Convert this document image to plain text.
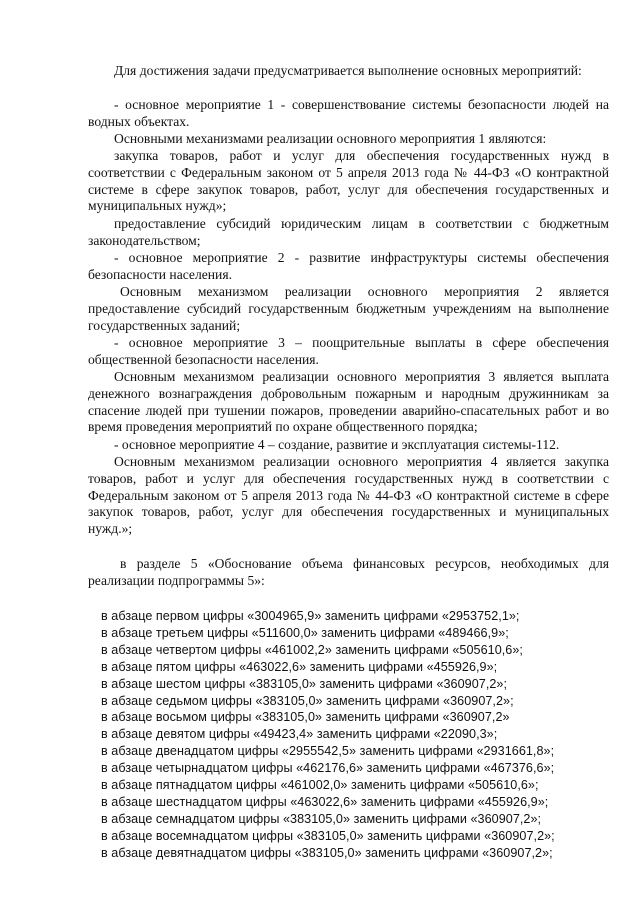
Для достижения задачи предусматривается выполнение основных мероприятий:

- основное мероприятие 1 - совершенствование системы безопасности людей на водных объектах.

Основными механизмами реализации основного мероприятия 1 являются:

закупка товаров, работ и услуг для обеспечения государственных нужд в соответствии с Федеральным законом от 5 апреля 2013 года № 44-ФЗ «О контрактной системе в сфере закупок товаров, работ, услуг для обеспечения государственных и муниципальных нужд»;

предоставление субсидий юридическим лицам в соответствии с бюджетным законодательством;

- основное мероприятие 2 - развитие инфраструктуры системы обеспечения безопасности населения.

Основным механизмом реализации основного мероприятия 2 является предоставление субсидий государственным бюджетным учреждениям на выполнение государственных заданий;

- основное мероприятие 3 – поощрительные выплаты в сфере обеспечения общественной безопасности населения.

Основным механизмом реализации основного мероприятия 3 является выплата денежного вознаграждения добровольным пожарным и народным дружинникам за спасение людей при тушении пожаров, проведении аварийно-спасательных работ и во время проведения мероприятий по охране общественного порядка;

- основное мероприятие 4 – создание, развитие и эксплуатация системы-112.

Основным механизмом реализации основного мероприятия 4 является закупка товаров, работ и услуг для обеспечения государственных нужд в соответствии с Федеральным законом от 5 апреля 2013 года № 44-ФЗ «О контрактной системе в сфере закупок товаров, работ, услуг для обеспечения государственных и муниципальных нужд.»;

в разделе 5 «Обоснование объема финансовых ресурсов, необходимых для реализации подпрограммы 5»:

в абзаце первом цифры «3004965,9» заменить цифрами «2953752,1»;
в абзаце третьем цифры «511600,0» заменить цифрами «489466,9»;
в абзаце четвертом цифры «461002,2» заменить цифрами «505610,6»;
в абзаце пятом цифры «463022,6» заменить цифрами «455926,9»;
в абзаце шестом цифры «383105,0» заменить цифрами «360907,2»;
в абзаце седьмом цифры «383105,0» заменить цифрами «360907,2»;
в абзаце восьмом цифры «383105,0» заменить цифрами «360907,2»
в абзаце девятом цифры «49423,4» заменить цифрами «22090,3»;
в абзаце двенадцатом цифры «2955542,5» заменить цифрами «2931661,8»;
в абзаце четырнадцатом цифры «462176,6» заменить цифрами «467376,6»;
в абзаце пятнадцатом цифры «461002,0» заменить цифрами «505610,6»;
в абзаце шестнадцатом цифры «463022,6» заменить цифрами «455926,9»;
в абзаце семнадцатом цифры «383105,0» заменить цифрами «360907,2»;
в абзаце восемнадцатом цифры «383105,0» заменить цифрами «360907,2»;
в абзаце девятнадцатом цифры «383105,0» заменить цифрами «360907,2»;
